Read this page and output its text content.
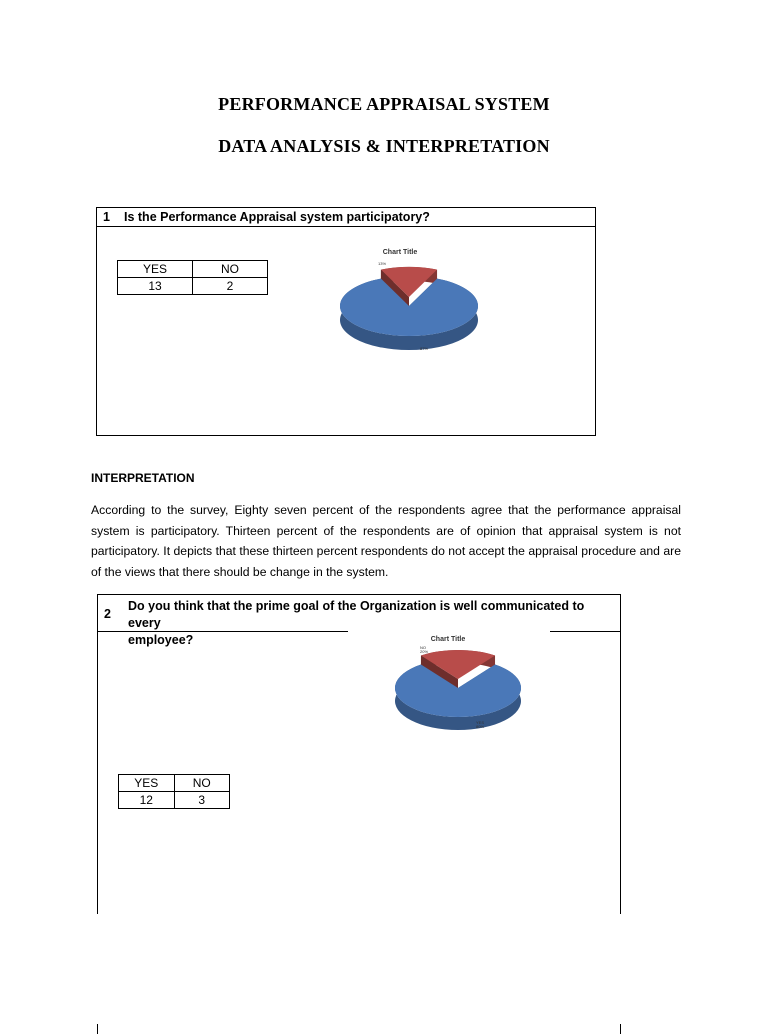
PERFORMANCE APPRAISAL SYSTEM
DATA ANALYSIS & INTERPRETATION
1 Is the Performance Appraisal system participatory?
YES	NO
13	2
Chart Title
13%
87%
INTERPRETATION
According to the survey, Eighty seven percent of the respondents agree that the performance appraisal system is participatory. Thirteen percent of the respondents are of opinion that appraisal system is not participatory. It depicts that these thirteen percent respondents do not accept the appraisal procedure and are of the views that there should be change in the system.
2
Do you think that the prime goal of the Organization is well communicated to every
employee?
YES	NO
12	3
Chart Title
NO
20%
YES
80%
